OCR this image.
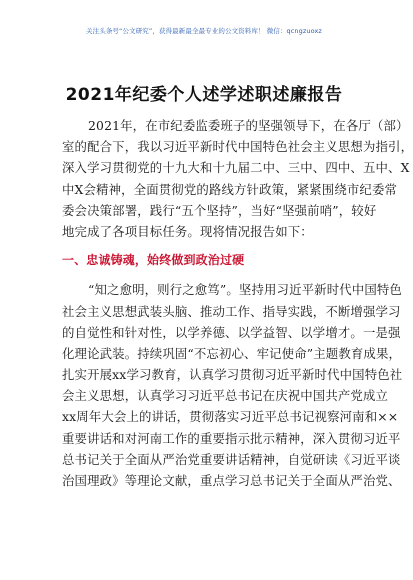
关注头条号“公文研究”，获得最新最全最专业的公文资料库！ 微信：qcngzuoxz
2021年纪委个人述学述职述廉报告
2021年，在市纪委监委班子的坚强领导下，在各厅（部）
室的配合下，我以习近平新时代中国特色社会主义思想为指引，
深入学习贯彻党的十九大和十九届二中、三中、四中、五中、X
中X会精神，全面贯彻党的路线方针政策，紧紧围绕市纪委常
委会决策部署，践行“五个坚持”，当好“坚强前哨”，较好
地完成了各项目标任务。现将情况报告如下：
一、忠诚铸魂，始终做到政治过硬
“知之愈明，则行之愈笃”。坚持用习近平新时代中国特色
社会主义思想武装头脑、推动工作、指导实践，不断增强学习
的自觉性和针对性，以学养德、以学益智、以学增才。一是强
化理论武装。持续巩固“不忘初心、牢记使命”主题教育成果，
扎实开展xx学习教育，认真学习贯彻习近平新时代中国特色社
会主义思想，认真学习习近平总书记在庆祝中国共产党成立
xx周年大会上的讲话，贯彻落实习近平总书记视察河南和××
重要讲话和对河南工作的重要指示批示精神，深入贯彻习近平
总书记关于全面从严治党重要讲话精神，自觉研读《习近平谈
治国理政》等理论文献，重点学习总书记关于全面从严治党、
